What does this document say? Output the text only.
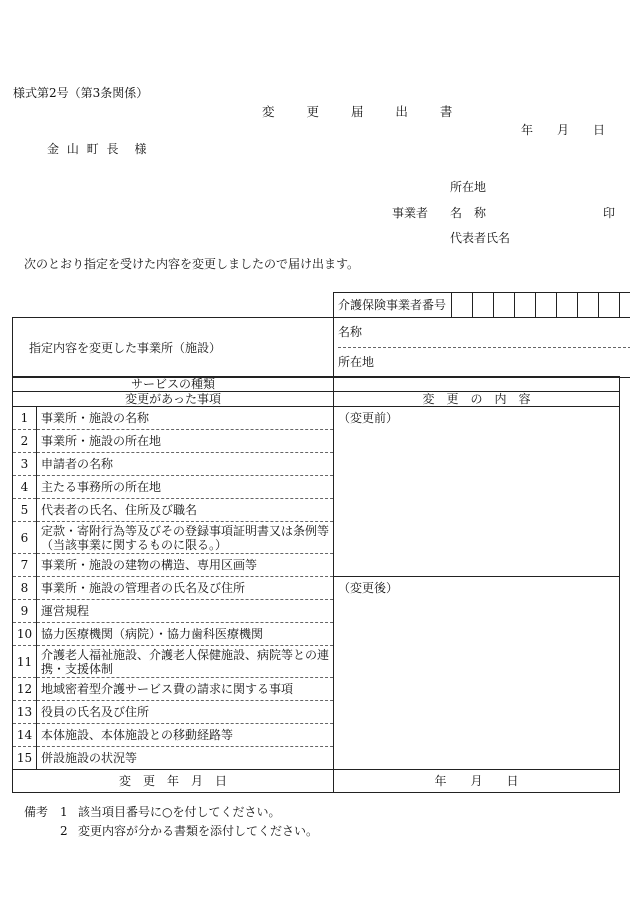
様式第2号（第3条関係）
変 更 届 出 書
年　　月　　日
金 山 町 長　様
所在地
事業者 名　称	印
代表者氏名
次のとおり指定を受けた内容を変更しましたので届け出ます。
	介護保険事業者番号									
指定内容を変更した事業所（施設）	名称
所在地									
サービスの種類		
変更があった事項		変　更　の　内　容
1	事業所・施設の名称	（変更前）

2	事業所・施設の所在地	
3	申請者の名称	
4	主たる事務所の所在地	
5	代表者の氏名、住所及び職名	
6	定款・寄附行為等及びその登録事項証明書又は条例等（当該事業に関するものに限る。）	
7	事業所・施設の建物の構造、専用区画等	
8	事業所・施設の管理者の氏名及び住所	（変更後）

9	運営規程	
10	協力医療機関（病院）・協力歯科医療機関	
11	介護老人福祉施設、介護老人保健施設、病院等との連携・支援体制	
12	地域密着型介護サービス費の請求に関する事項	
13	役員の氏名及び住所	
14	本体施設、本体施設との移動経路等	
15	併設施設の状況等	
変　更　年　月　日		年　　月　　日
備考 1 該当項目番号に○を付してください。
2 変更内容が分かる書類を添付してください。
